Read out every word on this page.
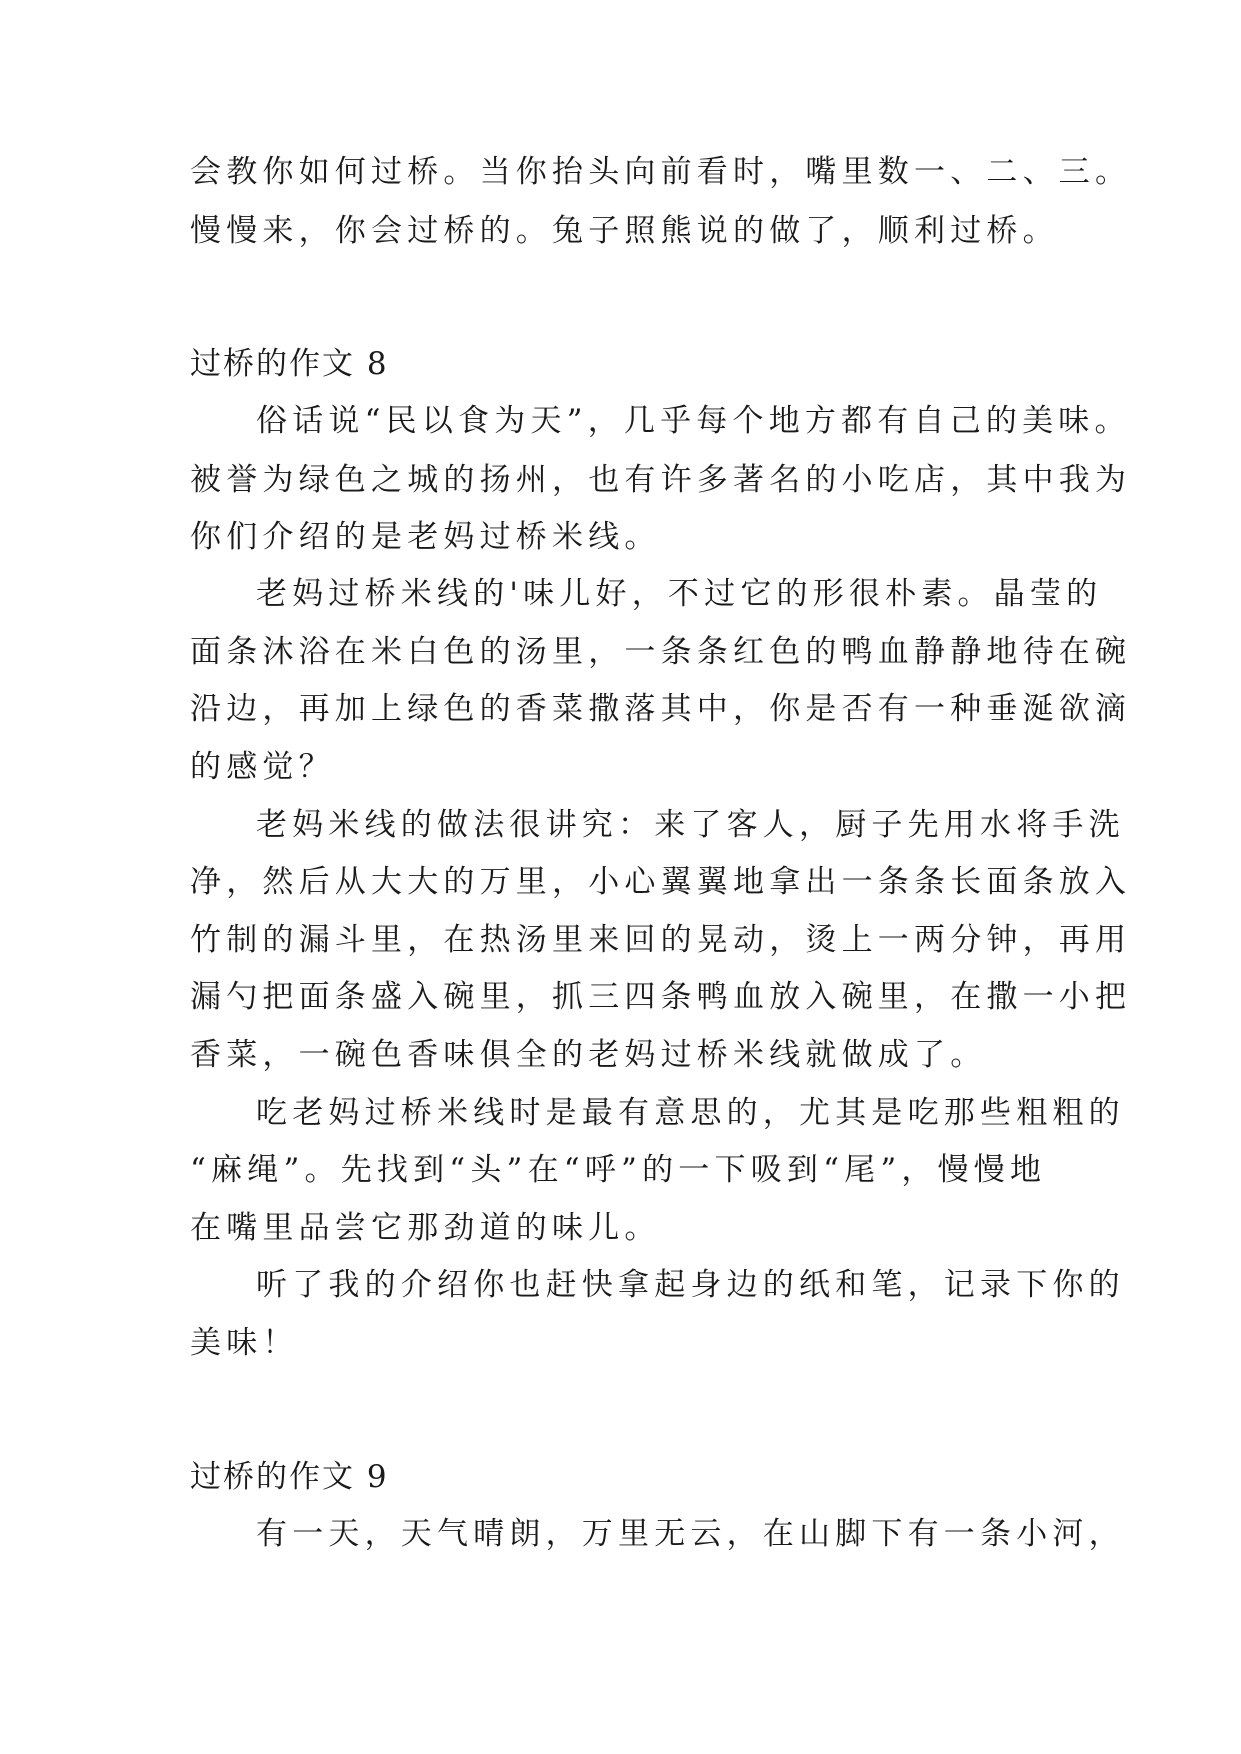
会教你如何过桥。当你抬头向前看时，嘴里数一、二、三。
慢慢来，你会过桥的。兔子照熊说的做了，顺利过桥。
过桥的作文 8
俗话说“民以食为天”，几乎每个地方都有自己的美味。
被誉为绿色之城的扬州，也有许多著名的小吃店，其中我为
你们介绍的是老妈过桥米线。
老妈过桥米线的'味儿好，不过它的形很朴素。晶莹的
面条沐浴在米白色的汤里，一条条红色的鸭血静静地待在碗
沿边，再加上绿色的香菜撒落其中，你是否有一种垂涎欲滴
的感觉？
老妈米线的做法很讲究：来了客人，厨子先用水将手洗
净，然后从大大的万里，小心翼翼地拿出一条条长面条放入
竹制的漏斗里，在热汤里来回的晃动，烫上一两分钟，再用
漏勺把面条盛入碗里，抓三四条鸭血放入碗里，在撒一小把
香菜，一碗色香味俱全的老妈过桥米线就做成了。
吃老妈过桥米线时是最有意思的，尤其是吃那些粗粗的
“麻绳”。先找到“头”在“呼”的一下吸到“尾”，慢慢地
在嘴里品尝它那劲道的味儿。
听了我的介绍你也赶快拿起身边的纸和笔，记录下你的
美味！
过桥的作文 9
有一天，天气晴朗，万里无云，在山脚下有一条小河，
